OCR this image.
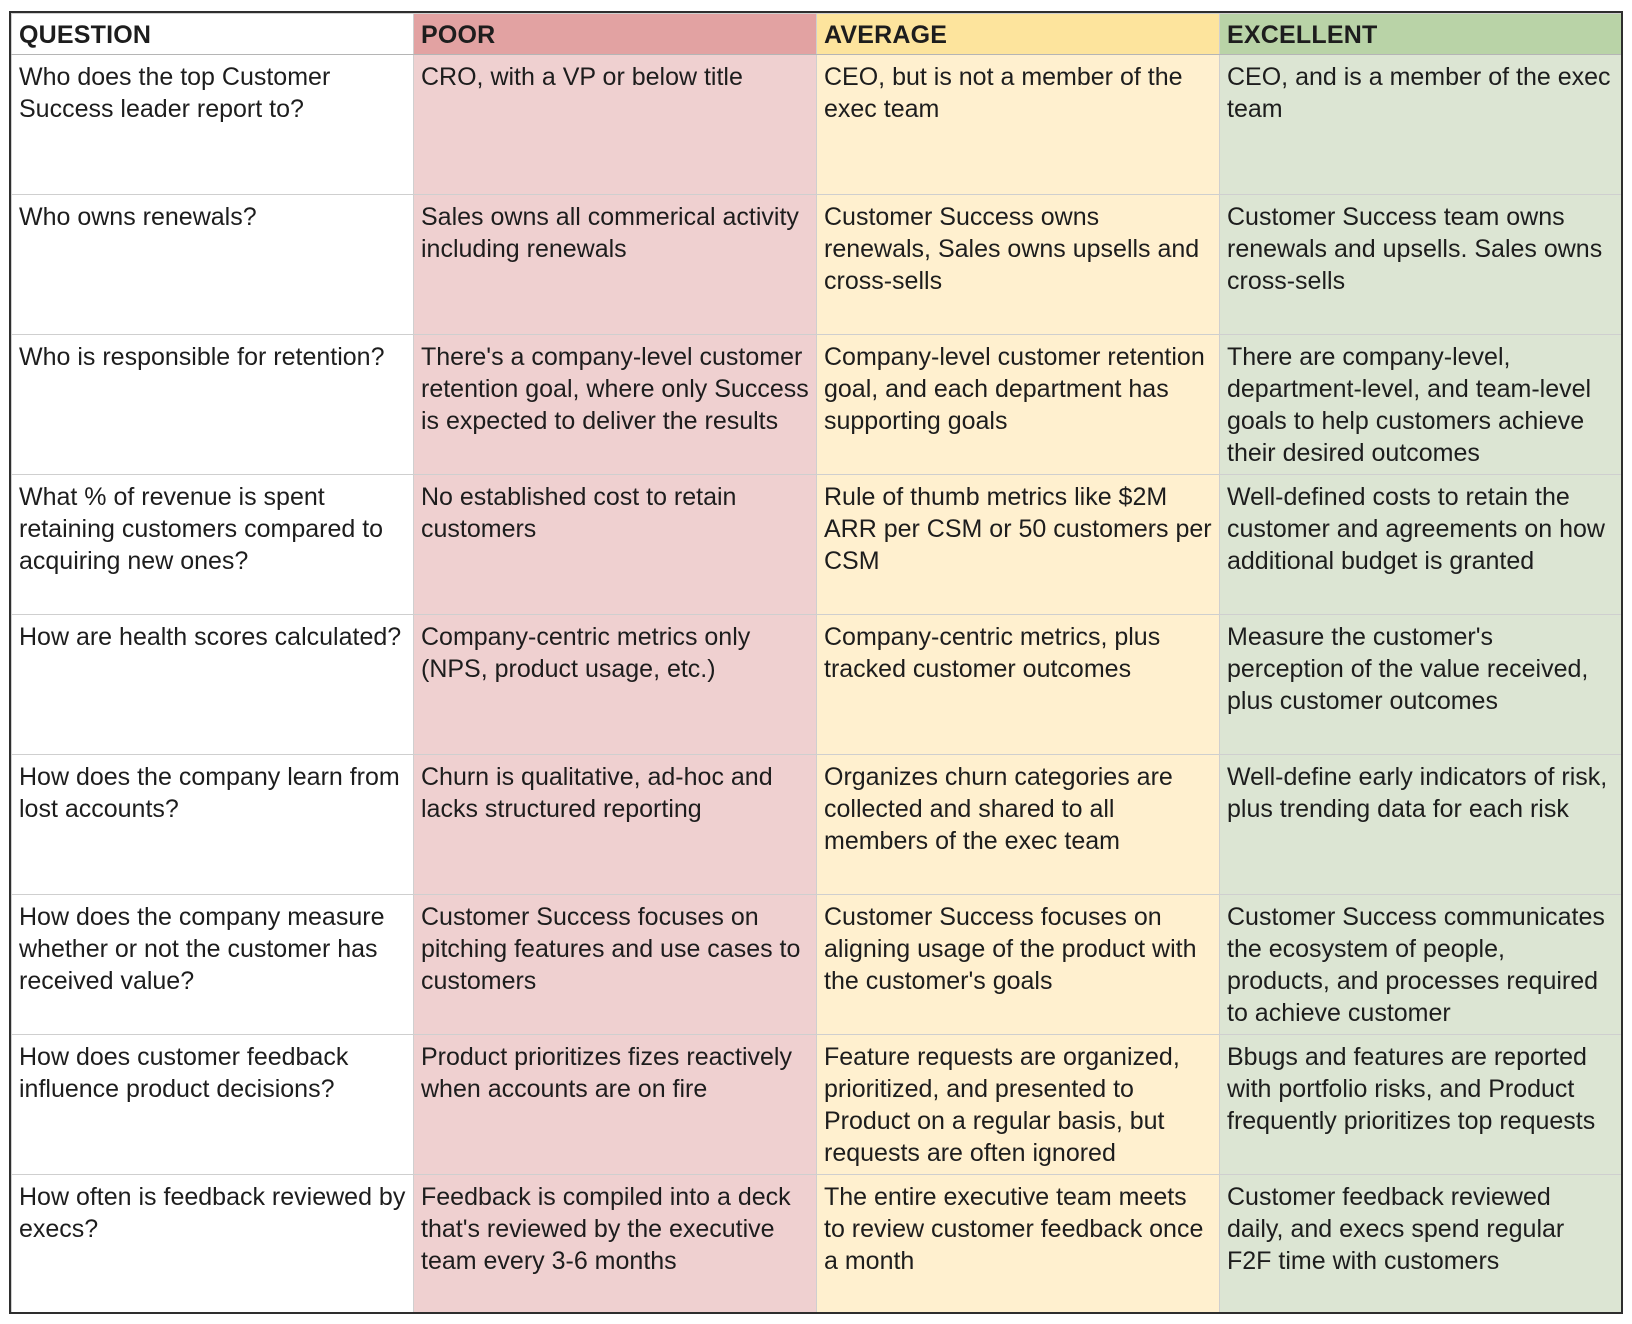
QUESTION	POOR	AVERAGE	EXCELLENT
Who does the top Customer Success leader report to?	CRO, with a VP or below title	CEO, but is not a member of the exec team	CEO, and is a member of the exec team
Who owns renewals?	Sales owns all commerical activity including renewals	Customer Success owns renewals, Sales owns upsells and cross-sells	Customer Success team owns renewals and upsells. Sales owns cross-sells
Who is responsible for retention?	There's a company-level customer retention goal, where only Success is expected to deliver the results	Company-level customer retention goal, and each department has supporting goals	There are company-level, department-level, and team-level goals to help customers achieve their desired outcomes
What % of revenue is spent retaining customers compared to acquiring new ones?	No established cost to retain customers	Rule of thumb metrics like $2M ARR per CSM or 50 customers per CSM	Well-defined costs to retain the customer and agreements on how additional budget is granted
How are health scores calculated?	Company-centric metrics only (NPS, product usage, etc.)	Company-centric metrics, plus tracked customer outcomes	Measure the customer's perception of the value received, plus customer outcomes
How does the company learn from lost accounts?	Churn is qualitative, ad-hoc and lacks structured reporting	Organizes churn categories are collected and shared to all members of the exec team	Well-define early indicators of risk, plus trending data for each risk
How does the company measure whether or not the customer has received value?	Customer Success focuses on pitching features and use cases to customers	Customer Success focuses on aligning usage of the product with the customer's goals	Customer Success communicates the ecosystem of people, products, and processes required to achieve customer
How does customer feedback influence product decisions?	Product prioritizes fizes reactively when accounts are on fire	Feature requests are organized, prioritized, and presented to Product on a regular basis, but requests are often ignored	Bbugs and features are reported with portfolio risks, and Product frequently prioritizes top requests
How often is feedback reviewed by execs?	Feedback is compiled into a deck that's reviewed by the executive team every 3-6 months	The entire executive team meets to review customer feedback once a month	Customer feedback reviewed daily, and execs spend regular F2F time with customers
